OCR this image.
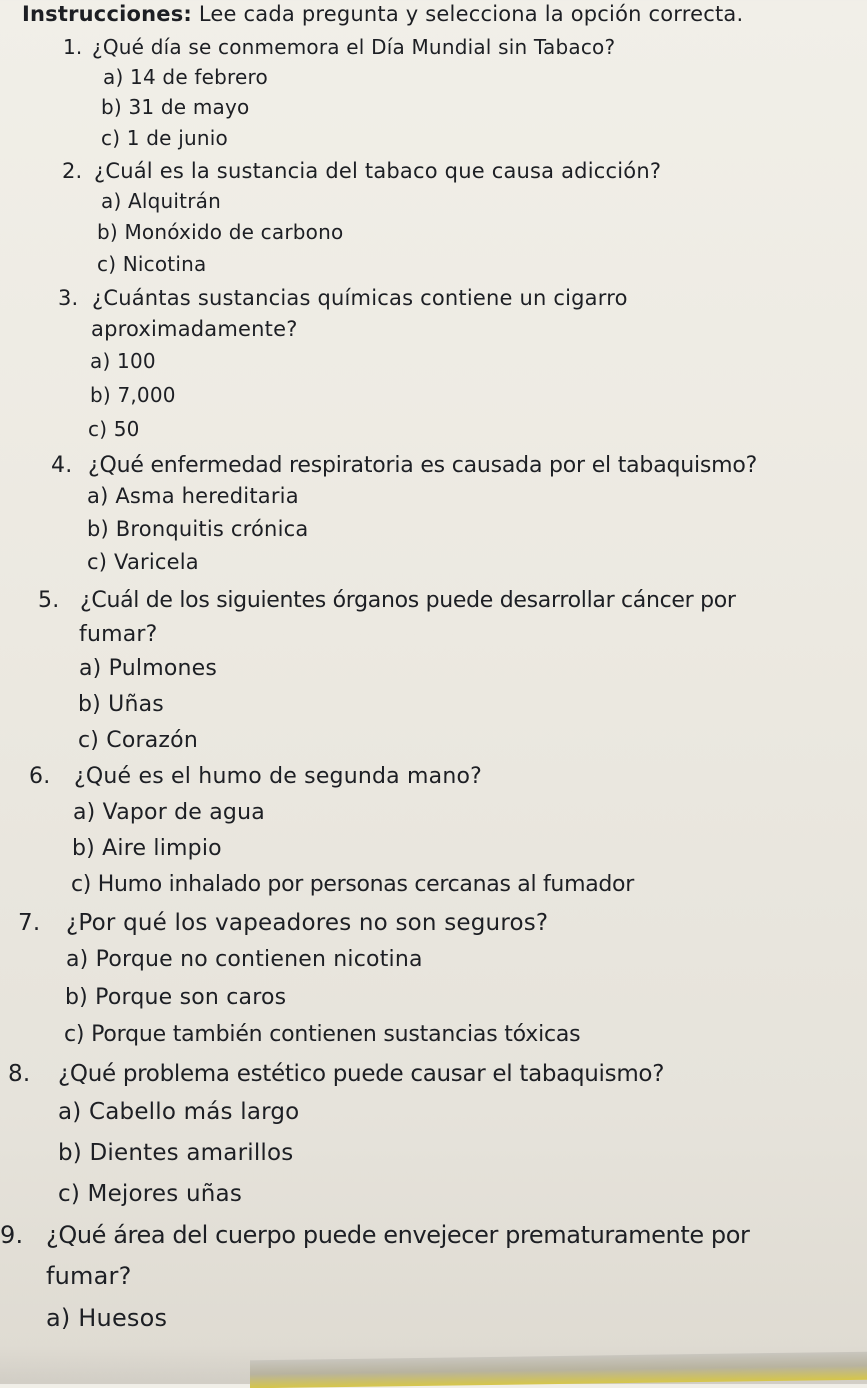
Instrucciones: Lee cada pregunta y selecciona la opción correcta.
1. ¿Qué día se conmemora el Día Mundial sin Tabaco?
a) 14 de febrero
b) 31 de mayo
c) 1 de junio
2. ¿Cuál es la sustancia del tabaco que causa adicción?
a) Alquitrán
b) Monóxido de carbono
c) Nicotina
3. ¿Cuántas sustancias químicas contiene un cigarro
aproximadamente?
a) 100
b) 7,000
c) 50
4. ¿Qué enfermedad respiratoria es causada por el tabaquismo?
a) Asma hereditaria
b) Bronquitis crónica
c) Varicela
5. ¿Cuál de los siguientes órganos puede desarrollar cáncer por
fumar?
a) Pulmones
b) Uñas
c) Corazón
6. ¿Qué es el humo de segunda mano?
a) Vapor de agua
b) Aire limpio
c) Humo inhalado por personas cercanas al fumador
7. ¿Por qué los vapeadores no son seguros?
a) Porque no contienen nicotina
b) Porque son caros
c) Porque también contienen sustancias tóxicas
8. ¿Qué problema estético puede causar el tabaquismo?
a) Cabello más largo
b) Dientes amarillos
c) Mejores uñas
9. ¿Qué área del cuerpo puede envejecer prematuramente por
fumar?
a) Huesos
